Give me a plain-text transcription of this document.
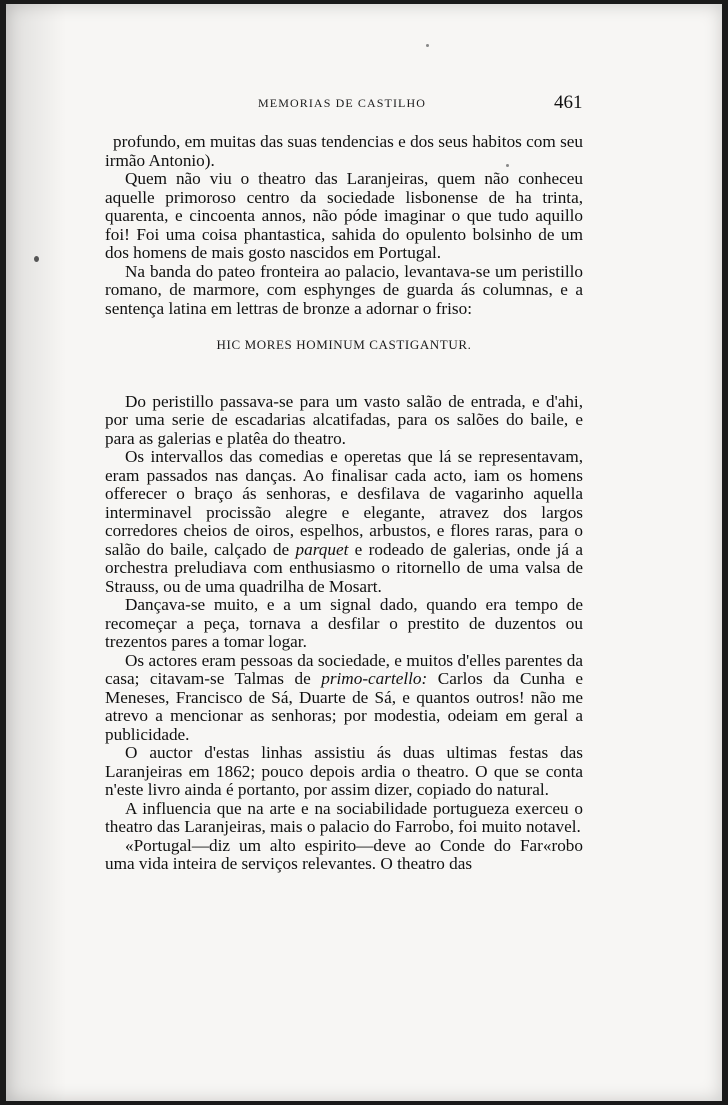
MEMORIAS DE CASTILHO	461

profundo, em muitas das suas tendencias e dos seus habitos com seu irmão Antonio).

Quem não viu o theatro das Laranjeiras, quem não conheceu aquelle primoroso centro da sociedade lisbonense de ha trinta, quarenta, e cincoenta annos, não póde imaginar o que tudo aquillo foi! Foi uma coisa phantastica, sahida do opulento bolsinho de um dos homens de mais gosto nascidos em Portugal.

Na banda do pateo fronteira ao palacio, levantava-se um peristillo romano, de marmore, com esphynges de guarda ás columnas, e a sentença latina em lettras de bronze a adornar o friso:

HIC MORES HOMINUM CASTIGANTUR.

Do peristillo passava-se para um vasto salão de entrada, e d'ahi, por uma serie de escadarias alcatifadas, para os salões do baile, e para as galerias e platêa do theatro.

Os intervallos das comedias e operetas que lá se representavam, eram passados nas danças. Ao finalisar cada acto, iam os homens offerecer o braço ás senhoras, e desfilava de vagarinho aquella interminavel procissão alegre e elegante, atravez dos largos corredores cheios de oiros, espelhos, arbustos, e flores raras, para o salão do baile, calçado de parquet e rodeado de galerias, onde já a orchestra preludiava com enthusiasmo o ritornello de uma valsa de Strauss, ou de uma quadrilha de Mosart.

Dançava-se muito, e a um signal dado, quando era tempo de recomeçar a peça, tornava a desfilar o prestito de duzentos ou trezentos pares a tomar logar.

Os actores eram pessoas da sociedade, e muitos d'elles parentes da casa; citavam-se Talmas de primo-cartello: Carlos da Cunha e Meneses, Francisco de Sá, Duarte de Sá, e quantos outros! não me atrevo a mencionar as senhoras; por modestia, odeiam em geral a publicidade.

O auctor d'estas linhas assistiu ás duas ultimas festas das Laranjeiras em 1862; pouco depois ardia o theatro. O que se conta n'este livro ainda é portanto, por assim dizer, copiado do natural.

A influencia que na arte e na sociabilidade portugueza exerceu o theatro das Laranjeiras, mais o palacio do Farrobo, foi muito notavel.

«Portugal—diz um alto espirito—deve ao Conde do Far«robo uma vida inteira de serviços relevantes. O theatro das
